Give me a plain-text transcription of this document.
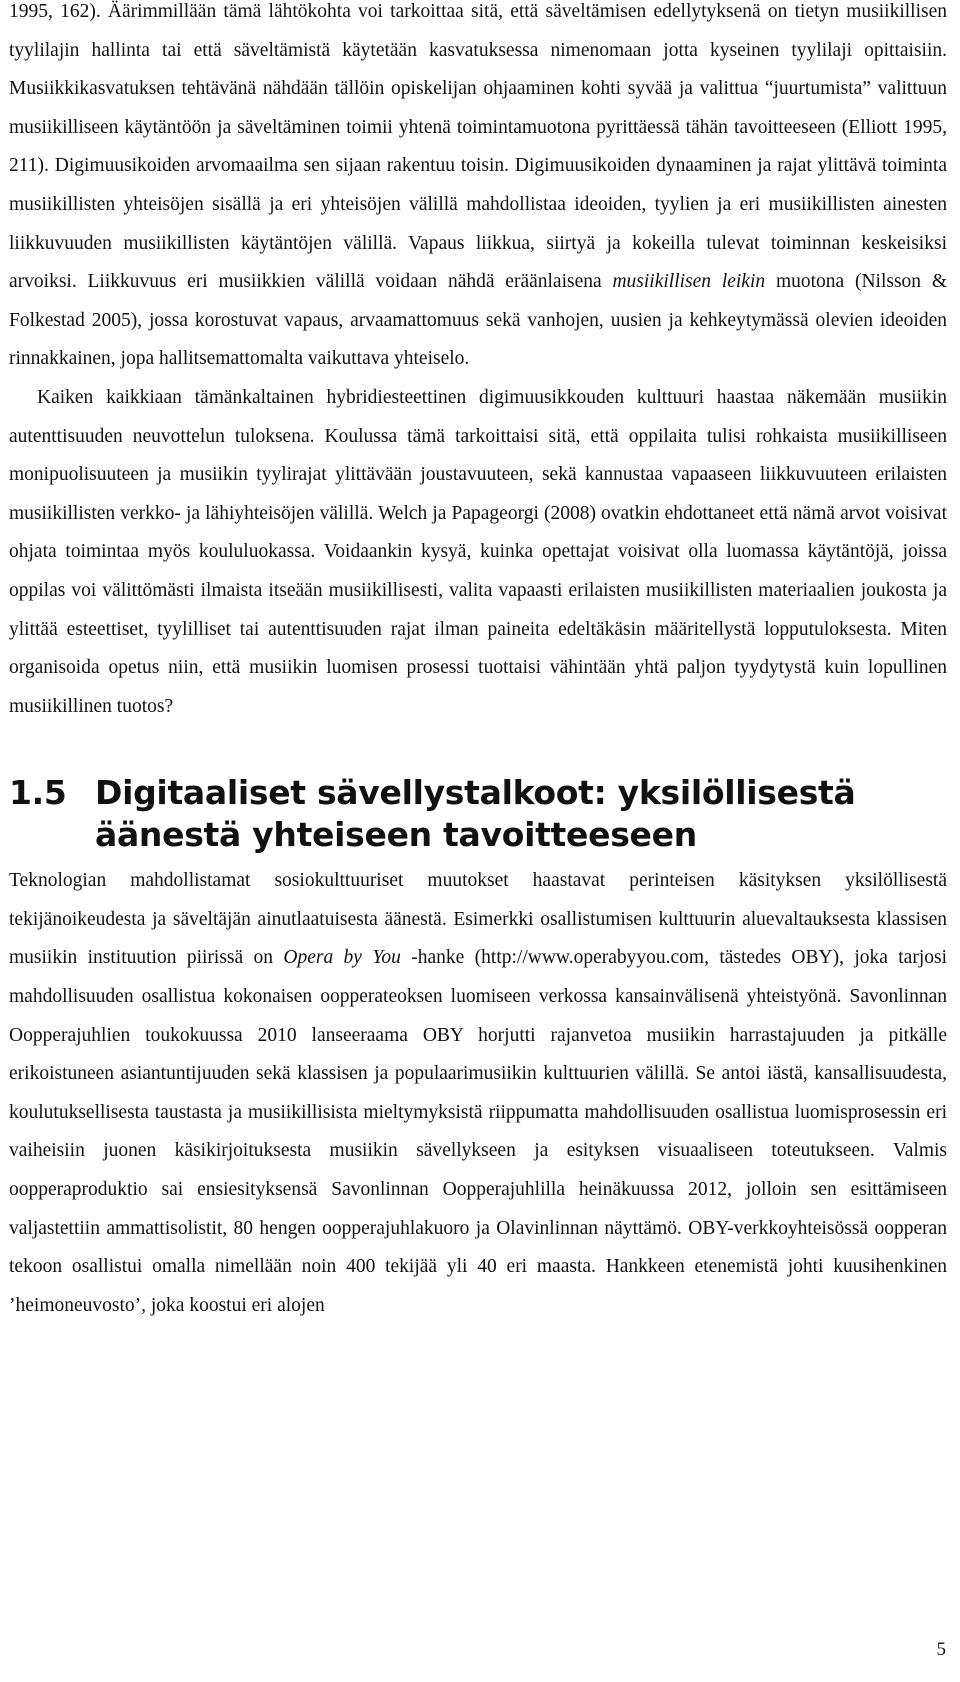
1995, 162). Äärimmillään tämä lähtökohta voi tarkoittaa sitä, että säveltämisen edellytyksenä on tietyn musiikillisen tyylilajin hallinta tai että säveltämistä käytetään kasvatuksessa nimenomaan jotta kyseinen tyylilaji opittaisiin. Musiikkikasvatuksen tehtävänä nähdään tällöin opiskelijan ohjaaminen kohti syvää ja valittua “juurtumista” valittuun musiikilliseen käytäntöön ja säveltäminen toimii yhtenä toimintamuotona pyrittäessä tähän tavoitteeseen (Elliott 1995, 211). Digimuusikoiden arvomaailma sen sijaan rakentuu toisin. Digimuusikoiden dynaaminen ja rajat ylittävä toiminta musiikillisten yhteisöjen sisällä ja eri yhteisöjen välillä mahdollistaa ideoiden, tyylien ja eri musiikillisten ainesten liikkuvuuden musiikillisten käytäntöjen välillä. Vapaus liikkua, siirtyä ja kokeilla tulevat toiminnan keskeisiksi arvoiksi. Liikkuvuus eri musiikkien välillä voidaan nähdä eräänlaisena musiikillisen leikin muotona (Nilsson & Folkestad 2005), jossa korostuvat vapaus, arvaamattomuus sekä vanhojen, uusien ja kehkeytymässä olevien ideoiden rinnakkainen, jopa hallitsemattomalta vaikuttava yhteiselo.

Kaiken kaikkiaan tämänkaltainen hybridiesteettinen digimuusikkouden kulttuuri haastaa näkemään musiikin autenttisuuden neuvottelun tuloksena. Koulussa tämä tarkoittaisi sitä, että oppilaita tulisi rohkaista musiikilliseen monipuolisuuteen ja musiikin tyylirajat ylittävään joustavuuteen, sekä kannustaa vapaaseen liikkuvuuteen erilaisten musiikillisten verkko- ja lähiyhteisöjen välillä. Welch ja Papageorgi (2008) ovatkin ehdottaneet että nämä arvot voisivat ohjata toimintaa myös koululuokassa. Voidaankin kysyä, kuinka opettajat voisivat olla luomassa käytäntöjä, joissa oppilas voi välittömästi ilmaista itseään musiikillisesti, valita vapaasti erilaisten musiikillisten materiaalien joukosta ja ylittää esteettiset, tyylilliset tai autenttisuuden rajat ilman paineita edeltäkäsin määritellystä lopputuloksesta. Miten organisoida opetus niin, että musiikin luomisen prosessi tuottaisi vähintään yhtä paljon tyydytystä kuin lopullinen musiikillinen tuotos?

1.5 Digitaaliset sävellystalkoot: yksilöllisestä äänestä yhteiseen tavoitteeseen

Teknologian mahdollistamat sosiokulttuuriset muutokset haastavat perinteisen käsityksen yksilöllisestä tekijänoikeudesta ja säveltäjän ainutlaatuisesta äänestä. Esimerkki osallistumisen kulttuurin aluevaltauksesta klassisen musiikin instituution piirissä on Opera by You -hanke (http://www.operabyyou.com, tästedes OBY), joka tarjosi mahdollisuuden osallistua kokonaisen oopperateoksen luomiseen verkossa kansainvälisenä yhteistyönä. Savonlinnan Oopperajuhlien toukokuussa 2010 lanseeraama OBY horjutti rajanvetoa musiikin harrastajuuden ja pitkälle erikoistuneen asiantuntijuuden sekä klassisen ja populaarimusiikin kulttuurien välillä. Se antoi iästä, kansallisuudesta, koulutuksellisesta taustasta ja musiikillisista mieltymyksistä riippumatta mahdollisuuden osallistua luomisprosessin eri vaiheisiin juonen käsikirjoituksesta musiikin sävellykseen ja esityksen visuaaliseen toteutukseen. Valmis oopperaproduktio sai ensiesityksensä Savonlinnan Oopperajuhlilla heinäkuussa 2012, jolloin sen esittämiseen valjastettiin ammattisolistit, 80 hengen oopperajuhlakuoro ja Olavinlinnan näyttämö. OBY-verkkoyhteisössä oopperan tekoon osallistui omalla nimellään noin 400 tekijää yli 40 eri maasta. Hankkeen etenemistä johti kuusihenkinen ’heimoneuvosto’, joka koostui eri alojen

5
